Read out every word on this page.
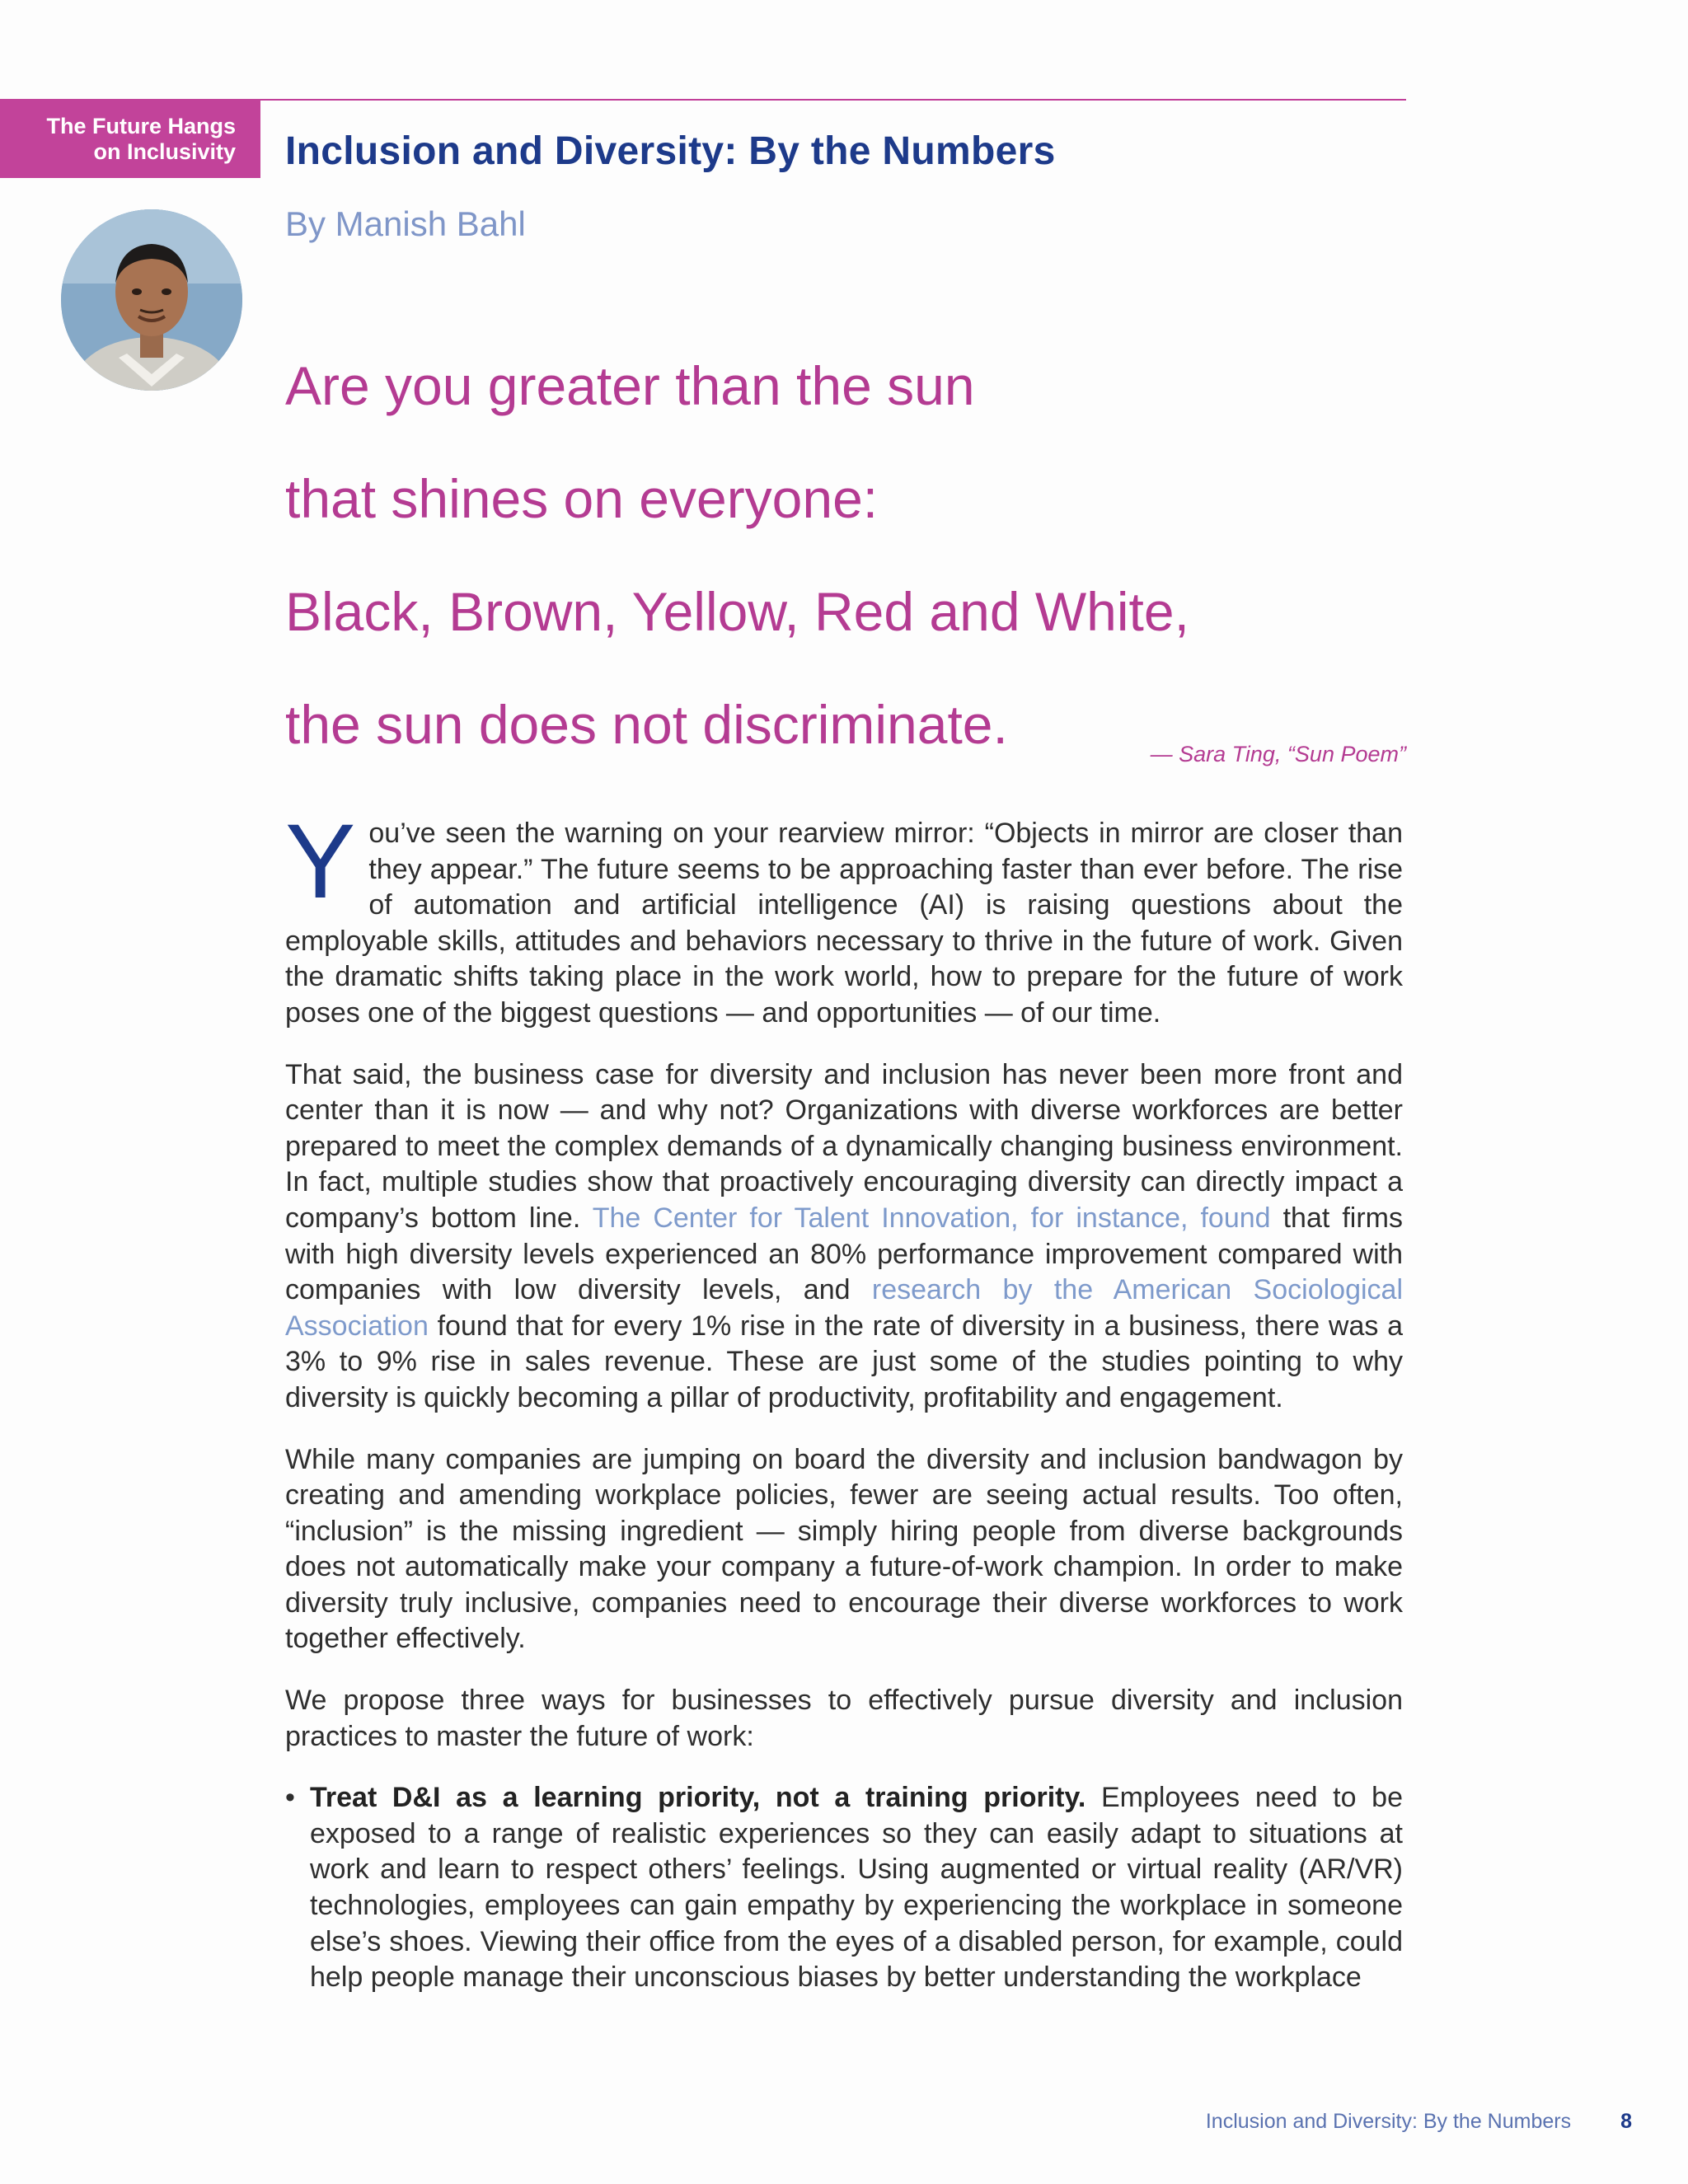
The Future Hangs
on Inclusivity Inclusion and Diversity: By the Numbers

By Manish Bahl

Are you greater than the sun

that shines on everyone:

Black, Brown, Yellow, Red and White,

the sun does not discriminate.	— Sara Ting, “Sun Poem”

You’ve seen the warning on your rearview mirror: “Objects in mirror are closer than they appear.” The future seems to be approaching faster than ever before. The rise of automation and artificial intelligence (AI) is raising questions about the employable skills, attitudes and behaviors necessary to thrive in the future of work. Given the dramatic shifts taking place in the work world, how to prepare for the future of work poses one of the biggest questions — and opportunities — of our time.

That said, the business case for diversity and inclusion has never been more front and center than it is now — and why not? Organizations with diverse workforces are better prepared to meet the complex demands of a dynamically changing business environment. In fact, multiple studies show that proactively encouraging diversity can directly impact a company’s bottom line. The Center for Talent Innovation, for instance, found that firms with high diversity levels experienced an 80% performance improvement compared with companies with low diversity levels, and research by the American Sociological Association found that for every 1% rise in the rate of diversity in a business, there was a 3% to 9% rise in sales revenue. These are just some of the studies pointing to why diversity is quickly becoming a pillar of productivity, profitability and engagement.

While many companies are jumping on board the diversity and inclusion bandwagon by creating and amending workplace policies, fewer are seeing actual results. Too often, “inclusion” is the missing ingredient — simply hiring people from diverse backgrounds does not automatically make your company a future-of-work champion. In order to make diversity truly inclusive, companies need to encourage their diverse workforces to work together effectively.

We propose three ways for businesses to effectively pursue diversity and inclusion practices to master the future of work:

• Treat D&I as a learning priority, not a training priority. Employees need to be exposed to a range of realistic experiences so they can easily adapt to situations at work and learn to respect others’ feelings. Using augmented or virtual reality (AR/VR) technologies, employees can gain empathy by experiencing the workplace in someone else’s shoes. Viewing their office from the eyes of a disabled person, for example, could help people manage their unconscious biases by better understanding the workplace
Inclusion and Diversity: By the Numbers 8
